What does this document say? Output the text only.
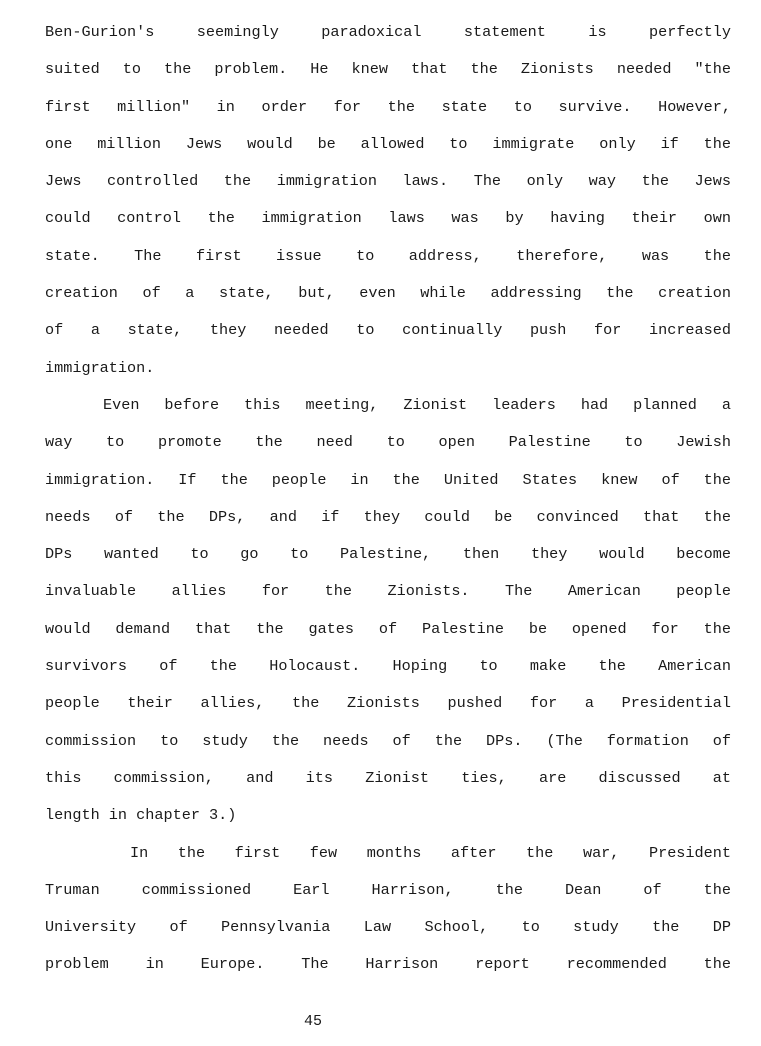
Ben-Gurion's seemingly paradoxical statement is perfectly
suited to the problem. He knew that the Zionists needed "the
first million" in order for the state to survive. However,
one million Jews would be allowed to immigrate only if the
Jews controlled the immigration laws. The only way the Jews
could control the immigration laws was by having their own
state. The first issue to address, therefore, was the
creation of a state, but, even while addressing the creation
of a state, they needed to continually push for increased
immigration.
Even before this meeting, Zionist leaders had planned a
way to promote the need to open Palestine to Jewish
immigration. If the people in the United States knew of the
needs of the DPs, and if they could be convinced that the
DPs wanted to go to Palestine, then they would become
invaluable allies for the Zionists. The American people
would demand that the gates of Palestine be opened for the
survivors of the Holocaust. Hoping to make the American
people their allies, the Zionists pushed for a Presidential
commission to study the needs of the DPs. (The formation of
this commission, and its Zionist ties, are discussed at
length in chapter 3.)
In the first few months after the war, President
Truman commissioned Earl Harrison, the Dean of the
University of Pennsylvania Law School, to study the DP
problem in Europe. The Harrison report recommended the
45
